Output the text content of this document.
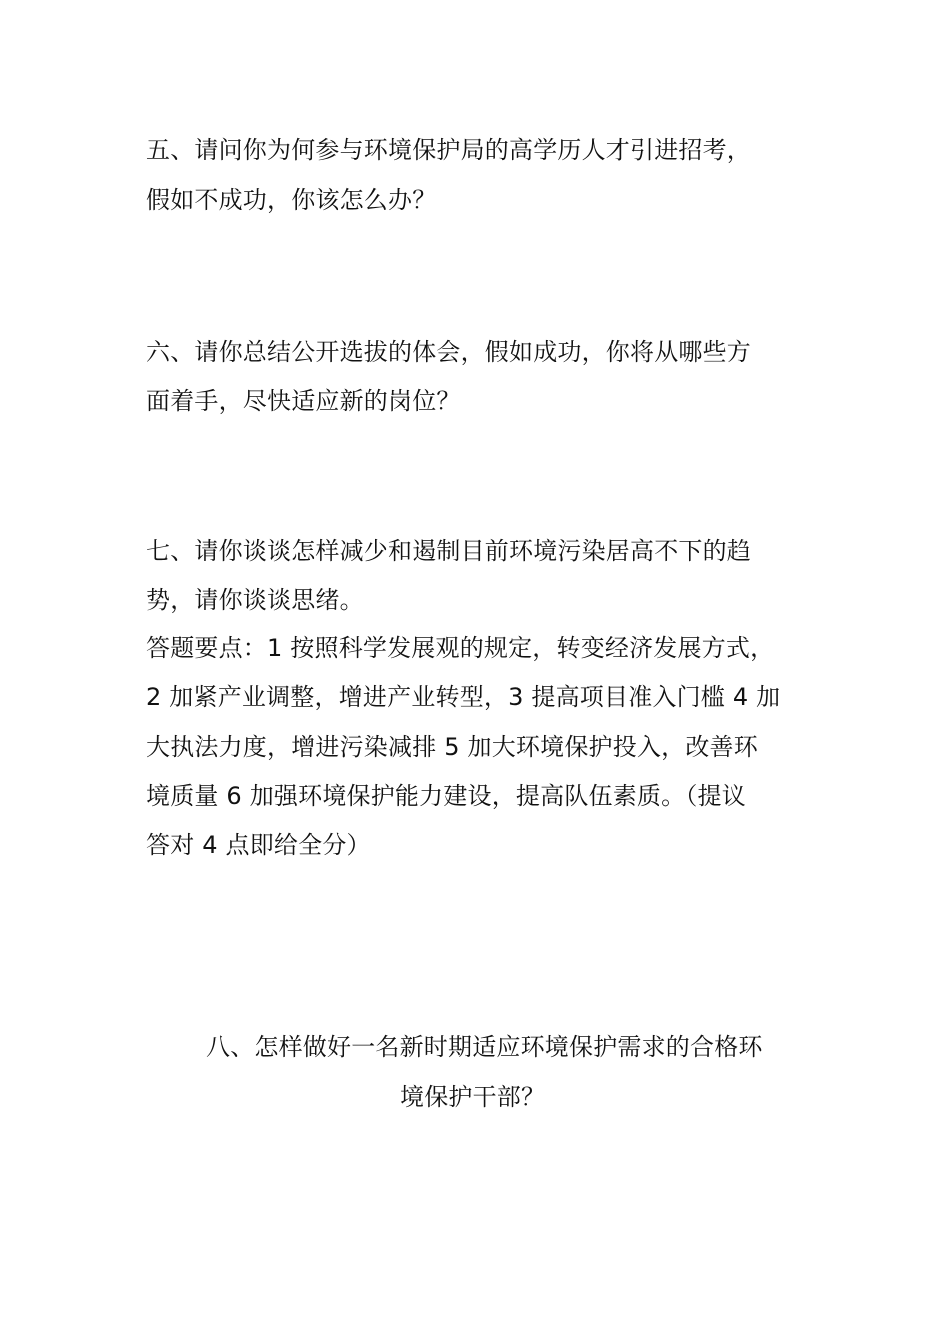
五、请问你为何参与环境保护局的高学历人才引进招考，
假如不成功，你该怎么办？
六、请你总结公开选拔的体会，假如成功，你将从哪些方
面着手，尽快适应新的岗位？
七、请你谈谈怎样减少和遏制目前环境污染居高不下的趋
势，请你谈谈思绪。
答题要点：1 按照科学发展观的规定，转变经济发展方式，
2 加紧产业调整，增进产业转型，3 提高项目准入门槛 4 加
大执法力度，增进污染减排 5 加大环境保护投入，改善环
境质量 6 加强环境保护能力建设，提高队伍素质。（提议
答对 4 点即给全分）
八、怎样做好一名新时期适应环境保护需求的合格环
境保护干部？
